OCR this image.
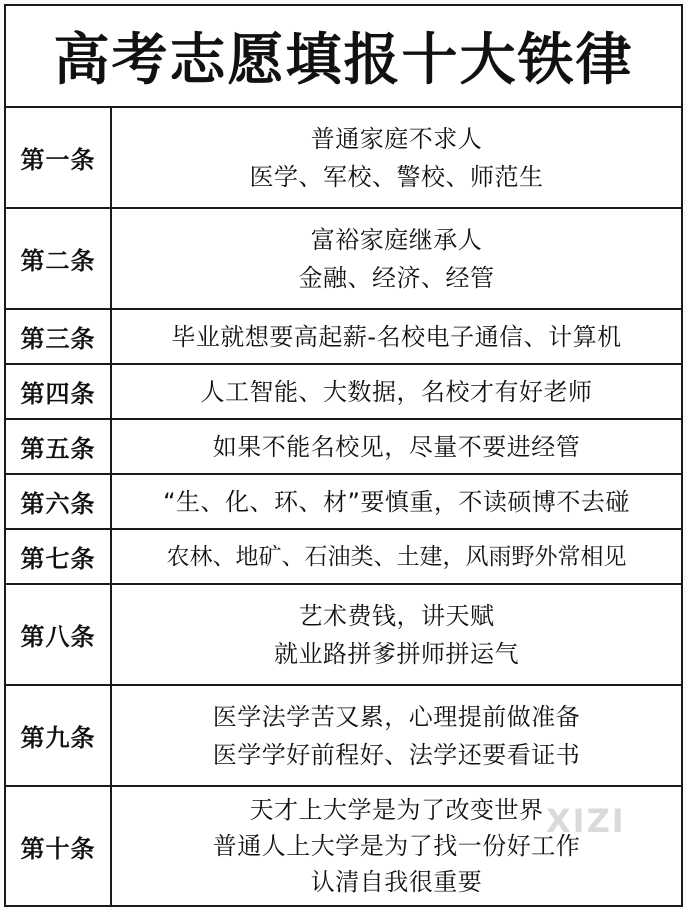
高考志愿填报十大铁律
第一条	普通家庭不求人
医学、军校、警校、师范生

第二条	富裕家庭继承人
金融、经济、经管

第三条	毕业就想要高起薪-名校电子通信、计算机

第四条	人工智能、大数据，名校才有好老师

第五条	如果不能名校见，尽量不要进经管

第六条	“生、化、环、材”要慎重，不读硕博不去碰

第七条	农林、地矿、石油类、土建，风雨野外常相见

第八条	艺术费钱，讲天赋
就业路拼爹拼师拼运气

第九条	医学法学苦又累，心理提前做准备
医学学好前程好、法学还要看证书

第十条	天才上大学是为了改变世界
普通人上大学是为了找一份好工作
认清自我很重要
XIZI
